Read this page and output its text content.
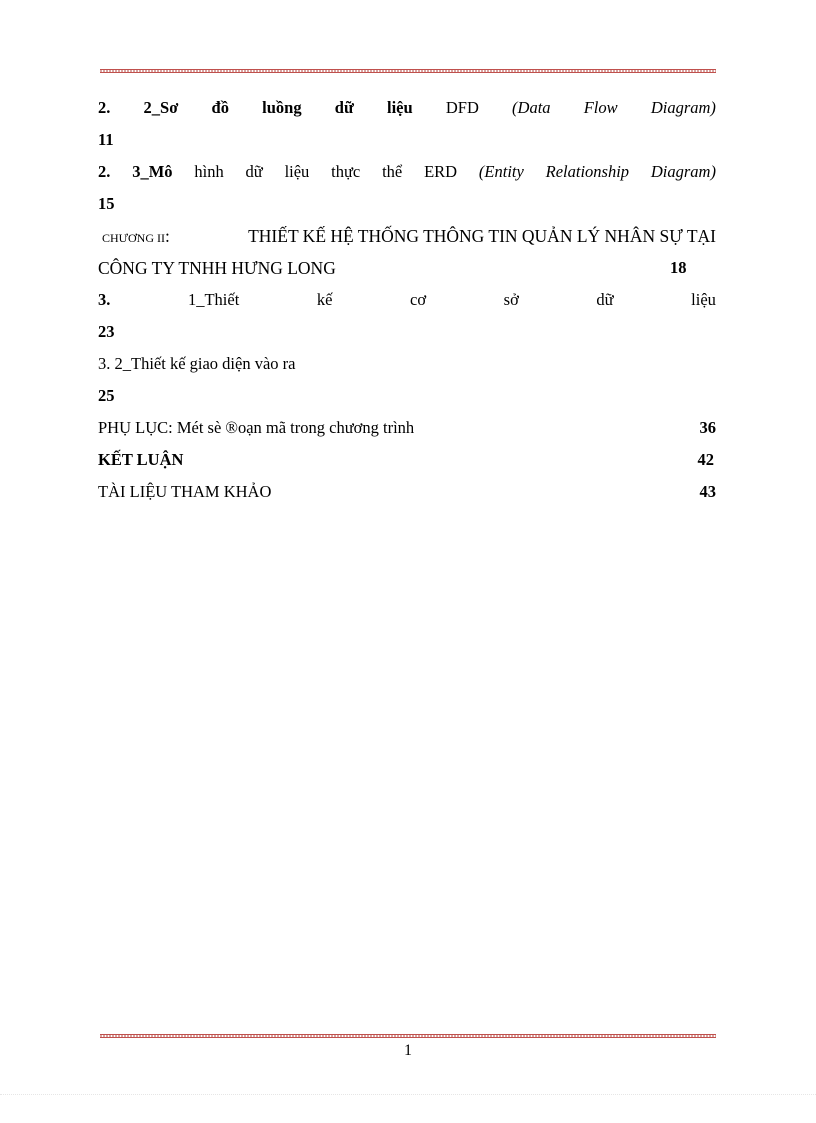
2. 2_Sơ đồ luồng dữ liệu DFD (Data Flow Diagram)
11
2. 3_Mô hình dữ liệu thực thể ERD (Entity Relationship Diagram)
15
CHƯƠNG II:	THIẾT KẾ HỆ THỐNG THÔNG TIN QUẢN LÝ NHÂN SỰ TẠI
CÔNG TY TNHH HƯNG LONG	18
3.	1_Thiết	kế	cơ	sở	dữ	liệu
23
3. 2_Thiết kế giao diện vào ra
25
PHỤ LỤC: Mét sè ®oạn mã trong chương trình	36
KẾT LUẬN	42
TÀI LIỆU THAM KHẢO	43
1
